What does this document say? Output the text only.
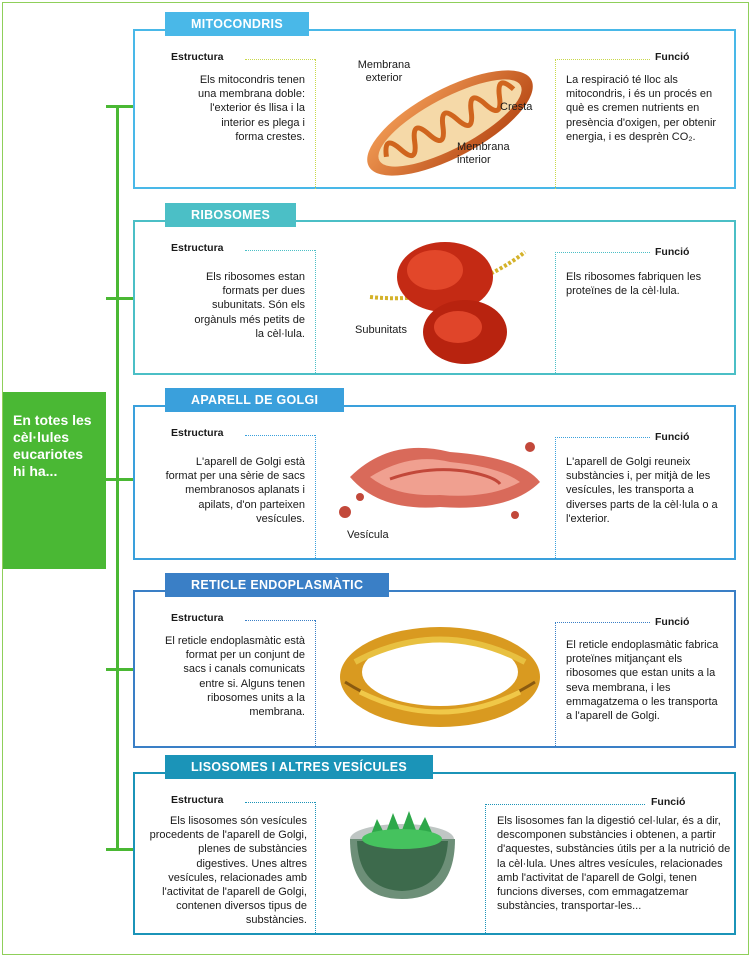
En totes les cèl·lules eucariotes hi ha...
MITOCONDRIS
Estructura
Els mitocondris tenen una membrana doble: l'exterior és llisa i la interior es plega i forma crestes.
Membrana exterior
Cresta
Membrana interior
Funció
La respiració té lloc als mitocondris, i és un procés en què es cremen nutrients en presència d'oxigen, per obtenir energia, i es desprèn CO₂.
RIBOSOMES
Estructura
Els ribosomes estan formats per dues subunitats. Són els orgànuls més petits de la cèl·lula.	Subunitats
Funció
Els ribosomes fabriquen les proteïnes de la cèl·lula.
APARELL DE GOLGI
Estructura
L'aparell de Golgi està format per una sèrie de sacs membranosos aplanats i apilats, d'on parteixen vesícules.
Vesícula
Funció
L'aparell de Golgi reuneix substàncies i, per mitjà de les vesícules, les transporta a diverses parts de la cèl·lula o a l'exterior.
RETICLE ENDOPLASMÀTIC
Estructura
El reticle endoplasmàtic està format per un conjunt de sacs i canals comunicats entre si. Alguns tenen ribosomes units a la membrana.
Funció
El reticle endoplasmàtic fabrica proteïnes mitjançant els ribosomes que estan units a la seva membrana, i les emmagatzema o les transporta a l'aparell de Golgi.
LISOSOMES I ALTRES VESÍCULES
Estructura
Els lisosomes són vesícules procedents de l'aparell de Golgi, plenes de substàncies digestives. Unes altres vesícules, relacionades amb l'activitat de l'aparell de Golgi, contenen diversos tipus de substàncies.
Funció
Els lisosomes fan la digestió cel·lular, és a dir, descomponen substàncies i obtenen, a partir d'aquestes, substàncies útils per a la nutrició de la cèl·lula. Unes altres vesícules, relacionades amb l'activitat de l'aparell de Golgi, tenen funcions diverses, com emmagatzemar substàncies, transportar-les...
